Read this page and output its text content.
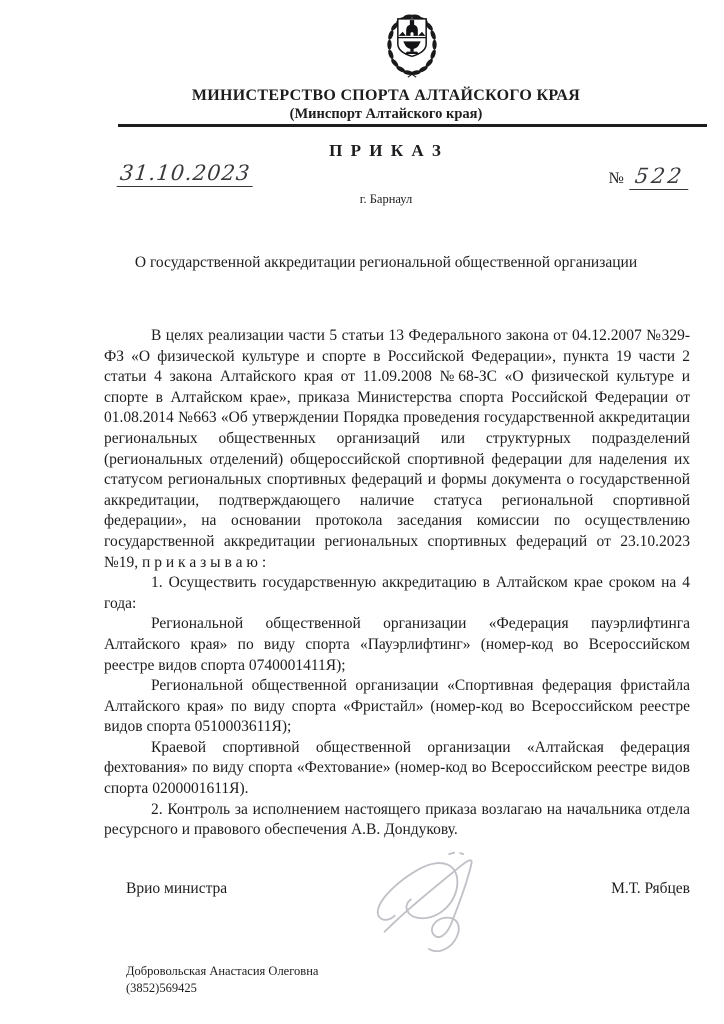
МИНИСТЕРСТВО СПОРТА АЛТАЙСКОГО КРАЯ
(Минспорт Алтайского края)
П Р И К А З
31.10.2023
г. Барнаул
№ 522
О государственной аккредитации региональной общественной организации

В целях реализации части 5 статьи 13 Федерального закона от 04.12.2007 №329-ФЗ «О физической культуре и спорте в Российской Федерации», пункта 19 части 2 статьи 4 закона Алтайского края от 11.09.2008 №68-ЗС «О физической культуре и спорте в Алтайском крае», приказа Министерства спорта Российской Федерации от 01.08.2014 №663 «Об утверждении Порядка проведения государственной аккредитации региональных общественных организаций или структурных подразделений (региональных отделений) общероссийской спортивной федерации для наделения их статусом региональных спортивных федераций и формы документа о государственной аккредитации, подтверждающего наличие статуса региональной спортивной федерации», на основании протокола заседания комиссии по осуществлению государственной аккредитации региональных спортивных федераций от 23.10.2023 №19, п р и к а з ы в а ю :

1. Осуществить государственную аккредитацию в Алтайском крае сроком на 4 года:

Региональной общественной организации «Федерация пауэрлифтинга Алтайского края» по виду спорта «Пауэрлифтинг» (номер-код во Всероссийском реестре видов спорта 0740001411Я);

Региональной общественной организации «Спортивная федерация фристайла Алтайского края» по виду спорта «Фристайл» (номер-код во Всероссийском реестре видов спорта 0510003611Я);

Краевой спортивной общественной организации «Алтайская федерация фехтования» по виду спорта «Фехтование» (номер-код во Всероссийском реестре видов спорта 0200001611Я).

2. Контроль за исполнением настоящего приказа возлагаю на начальника отдела ресурсного и правового обеспечения А.В. Дондукову.

Врио министра	М.Т. Рябцев
Добровольская Анастасия Олеговна
(3852)569425
